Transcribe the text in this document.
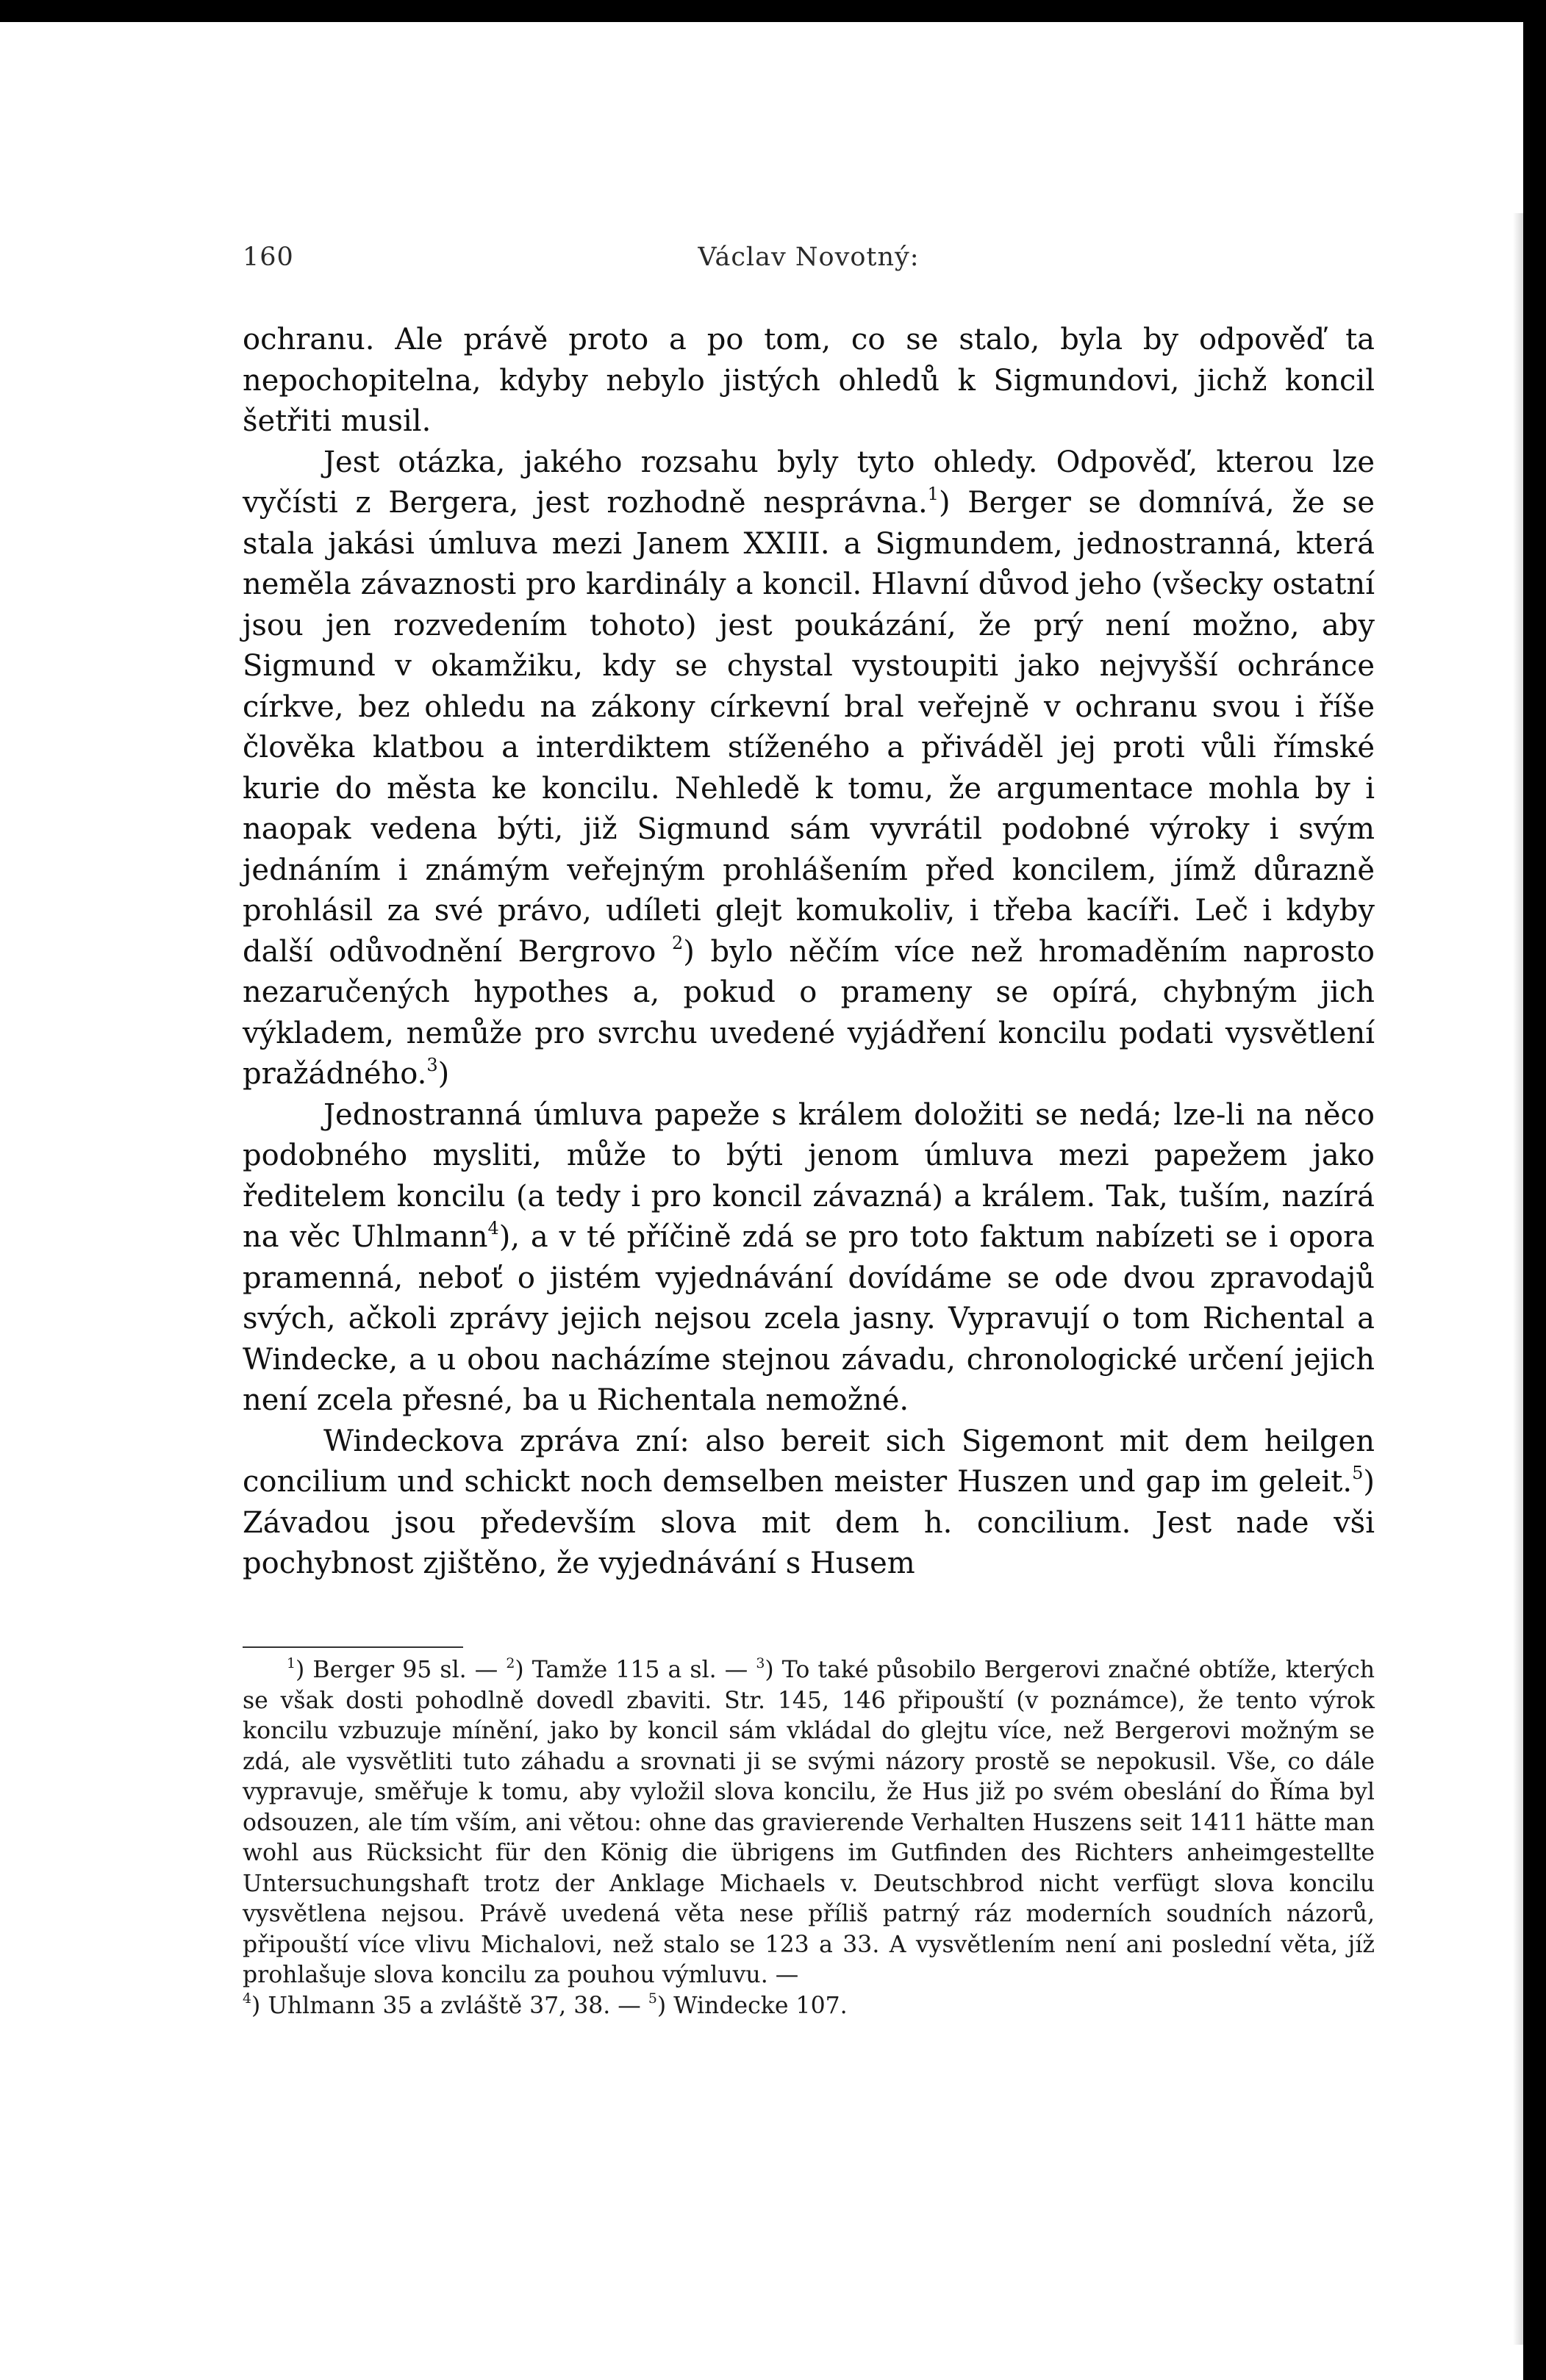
160	Václav Novotný:

ochranu. Ale právě proto a po tom, co se stalo, byla by odpověď ta nepochopitelna, kdyby nebylo jistých ohledů k Sigmundovi, jichž koncil šetřiti musil.

Jest otázka, jakého rozsahu byly tyto ohledy. Odpověď, kterou lze vyčísti z Bergera, jest rozhodně nesprávna.$^1$) Berger se domnívá, že se stala jakási úmluva mezi Janem XXIII. a Sigmundem, jednostranná, která neměla závaznosti pro kardinály a koncil. Hlavní důvod jeho (všecky ostatní jsou jen rozvedením tohoto) jest poukázání, že prý není možno, aby Sigmund v okamžiku, kdy se chystal vystoupiti jako nejvyšší ochránce církve, bez ohledu na zákony církevní bral veřejně v ochranu svou i říše člověka klatbou a interdiktem stíženého a přiváděl jej proti vůli římské kurie do města ke koncilu. Nehledě k tomu, že argumentace mohla by i naopak vedena býti, již Sigmund sám vyvrátil podobné výroky i svým jednáním i známým veřejným prohlášením před koncilem, jímž důrazně prohlásil za své právo, udíleti glejt komukoliv, i třeba kacíři. Leč i kdyby další odůvodnění Bergrovo $^2$) bylo něčím více než hromaděním naprosto nezaručených hypothes a, pokud o prameny se opírá, chybným jich výkladem, nemůže pro svrchu uvedené vyjádření koncilu podati vysvětlení pražádného.$^3$)

Jednostranná úmluva papeže s králem doložiti se nedá; lze-li na něco podobného mysliti, může to býti jenom úmluva mezi papežem jako ředitelem koncilu (a tedy i pro koncil závazná) a králem. Tak, tuším, nazírá na věc Uhlmann$^4$), a v té příčině zdá se pro toto faktum nabízeti se i opora pramenná, neboť o jistém vyjednávání dovídáme se ode dvou zpravodajů svých, ačkoli zprávy jejich nejsou zcela jasny. Vypravují o tom Richental a Windecke, a u obou nacházíme stejnou závadu, chronologické určení jejich není zcela přesné, ba u Richentala nemožné.

Windeckova zpráva zní: also bereit sich Sigemont mit dem heilgen concilium und schickt noch demselben meister Huszen und gap im geleit.$^5$) Závadou jsou především slova mit dem h. concilium. Jest nade vši pochybnost zjištěno, že vyjednávání s Husem

$^1$) Berger 95 sl. — $^2$) Tamže 115 a sl. — $^3$) To také působilo Bergerovi značné obtíže, kterých se však dosti pohodlně dovedl zbaviti. Str. 145, 146 připouští (v poznámce), že tento výrok koncilu vzbuzuje mínění, jako by koncil sám vkládal do glejtu více, než Bergerovi možným se zdá, ale vysvětliti tuto záhadu a srovnati ji se svými názory prostě se nepokusil. Vše, co dále vypravuje, směřuje k tomu, aby vyložil slova koncilu, že Hus již po svém obeslání do Říma byl odsouzen, ale tím vším, ani větou: ohne das gravierende Verhalten Huszens seit 1411 hätte man wohl aus Rücksicht für den König die übrigens im Gutfinden des Richters anheimgestellte Untersuchungshaft trotz der Anklage Michaels v. Deutschbrod nicht verfügt slova koncilu vysvětlena nejsou. Právě uvedená věta nese příliš patrný ráz moderních soudních názorů, připouští více vlivu Michalovi, než stalo se 123 a 33. A vysvětlením není ani poslední věta, jíž prohlašuje slova koncilu za pouhou výmluvu. —

$^4$) Uhlmann 35 a zvláště 37, 38. — $^5$) Windecke 107.
